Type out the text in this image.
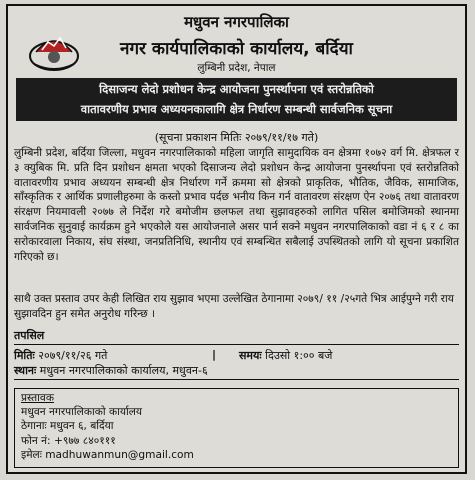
मधुवन नगरपालिका
नगर कार्यपालिकाको कार्यालय, बर्दिया
लुम्बिनी प्रदेश, नेपाल
दिसाजन्य लेदो प्रशोधन केन्द्र आयोजना पुनर्स्थापना एवं स्तरोन्नतिको
वातावरणीय प्रभाव अध्ययनकालागि क्षेत्र निर्धारण सम्बन्धी सार्वजनिक सूचना
(सूचना प्रकाशन मितिः २०७९/११/१७ गते)
लुम्बिनी प्रदेश, बर्दिया जिल्ला, मधुवन नगरपालिकाको महिला जागृति सामुदायिक वन क्षेत्रमा १०७२ वर्ग मि. क्षेत्रफल र ३ क्युबिक मि. प्रति दिन प्रशोधन क्षमता भएको दिसाजन्य लेदो प्रशोधन केन्द्र आयोजना पुनर्स्थापना एवं स्तरोन्नतिको वातावरणीय प्रभाव अध्ययन सम्बन्धी क्षेत्र निर्धारण गर्ने क्रममा सो क्षेत्रको प्राकृतिक, भौतिक, जैविक, सामाजिक, साँस्कृतिक र आर्थिक प्रणालीहरुमा के कस्तो प्रभाव पर्दछ भनीय किन गर्न वातावरण संरक्षण ऐन २०७६ तथा वातावरण संरक्षण नियमावली २०७७ ले निर्देश गरे बमोजीम छलफल तथा सुझावहरुको लागित पसिल बमोजिमको स्थानमा सार्वजनिक सुनुवाई कार्यक्रम हुने भएकोले यस आयोजनाले असर पार्न सक्ने मधुवन नगरपालिकाको वडा नं ६ र ८ का सरोकारवाला निकाय, संघ संस्था, जनप्रतिनिधि, स्थानीय एवं सम्बन्धित सबैलाई उपस्थितको लागि यो सूचना प्रकाशित गरिएको छ।
साथै उक्त प्रस्ताव उपर केही लिखित राय सुझाव भएमा उल्लेखित ठेगानामा २०७९/ ११ /२५गते भित्र आईपुग्ने गरी राय सुझावदिन हुन समेत अनुरोध गरिन्छ ।
तपसिल
मितिः २०७९/११/२६ गते	| समयः दिउसो १:०० बजे
स्थानः मधुवन नगरपालिकाको कार्यालय, मधुवन-६
प्रस्तावक
मधुवन नगरपालिकाको कार्यालय
ठेगानाः मधुवन ६, बर्दिया
फोन नं: +९७७ ८४०१११
इमेलः madhuwanmun@gmail.com
